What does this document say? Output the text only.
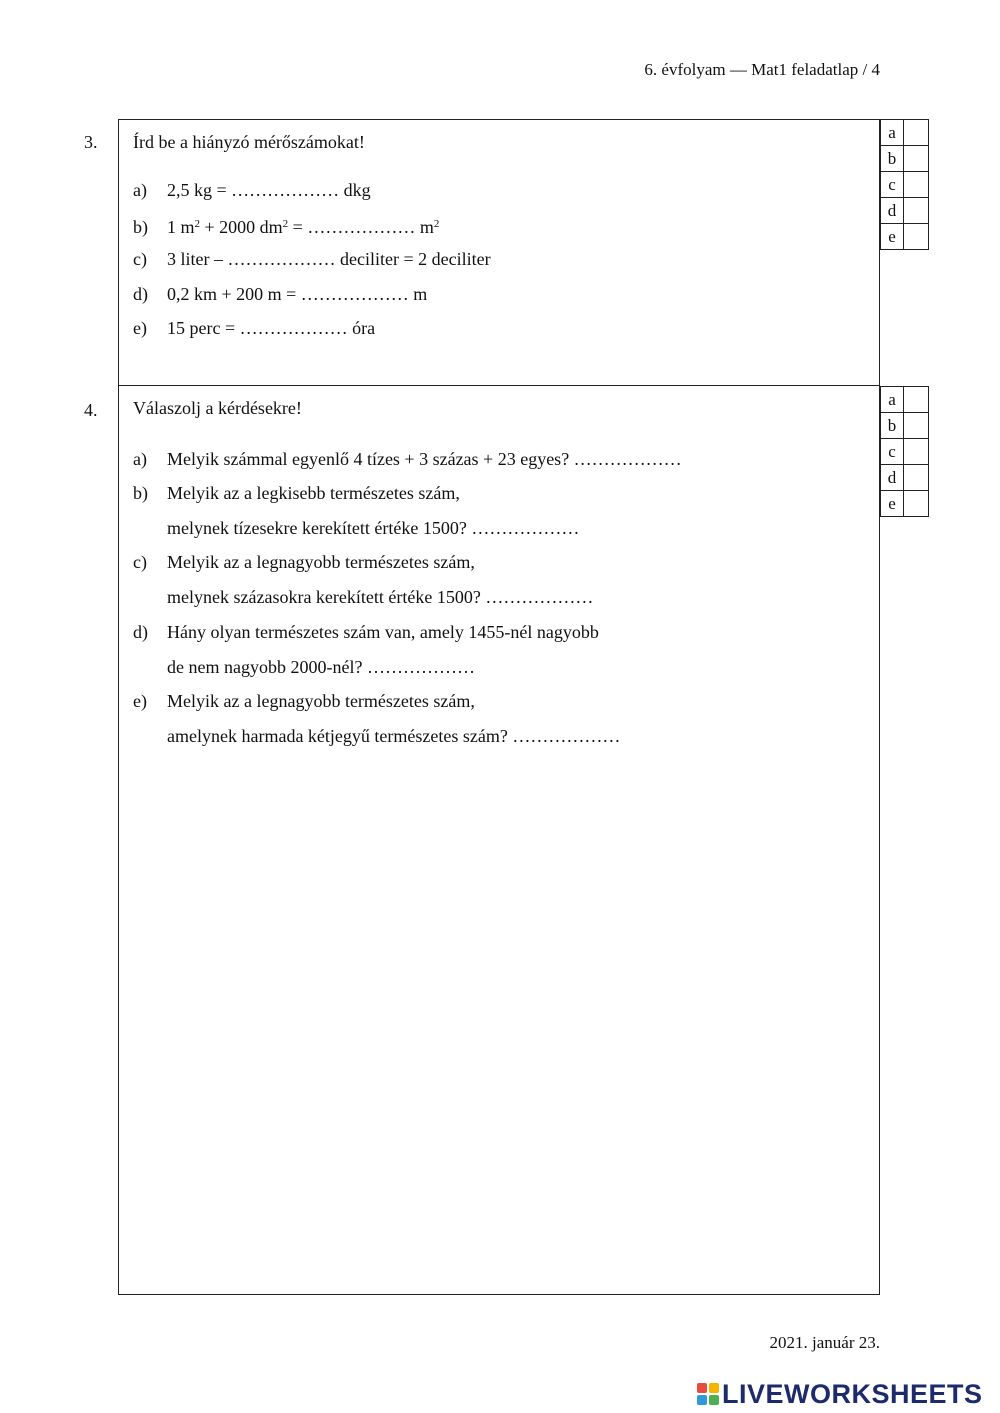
6. évfolyam — Mat1 feladatlap / 4
3. Írd be a hiányzó mérőszámokat!
a) 2,5 kg = ……………… dkg
b) 1 $m^2 + 2000$ $dm^2$ = ……………… $m^2$
c) 3 liter – ……………… deciliter = 2 deciliter
d) 0,2 km + 200 m = ……………… m
e) 15 perc = ……………… óra
a	
b	
c	
d	
e	
4. Válaszolj a kérdésekre!
a) Melyik számmal egyenlő 4 tízes + 3 százas + 23 egyes? ………………
b) Melyik az a legkisebb természetes szám,
melynek tízesekre kerekített értéke 1500? ………………
c) Melyik az a legnagyobb természetes szám,
melynek százasokra kerekített értéke 1500? ………………
d) Hány olyan természetes szám van, amely 1455-nél nagyobb
de nem nagyobb 2000-nél? ………………
e) Melyik az a legnagyobb természetes szám,
amelynek harmada kétjegyű természetes szám? ………………
a	
b	
c	
d	
e	
2021. január 23.
LIVEWORKSHEETS
